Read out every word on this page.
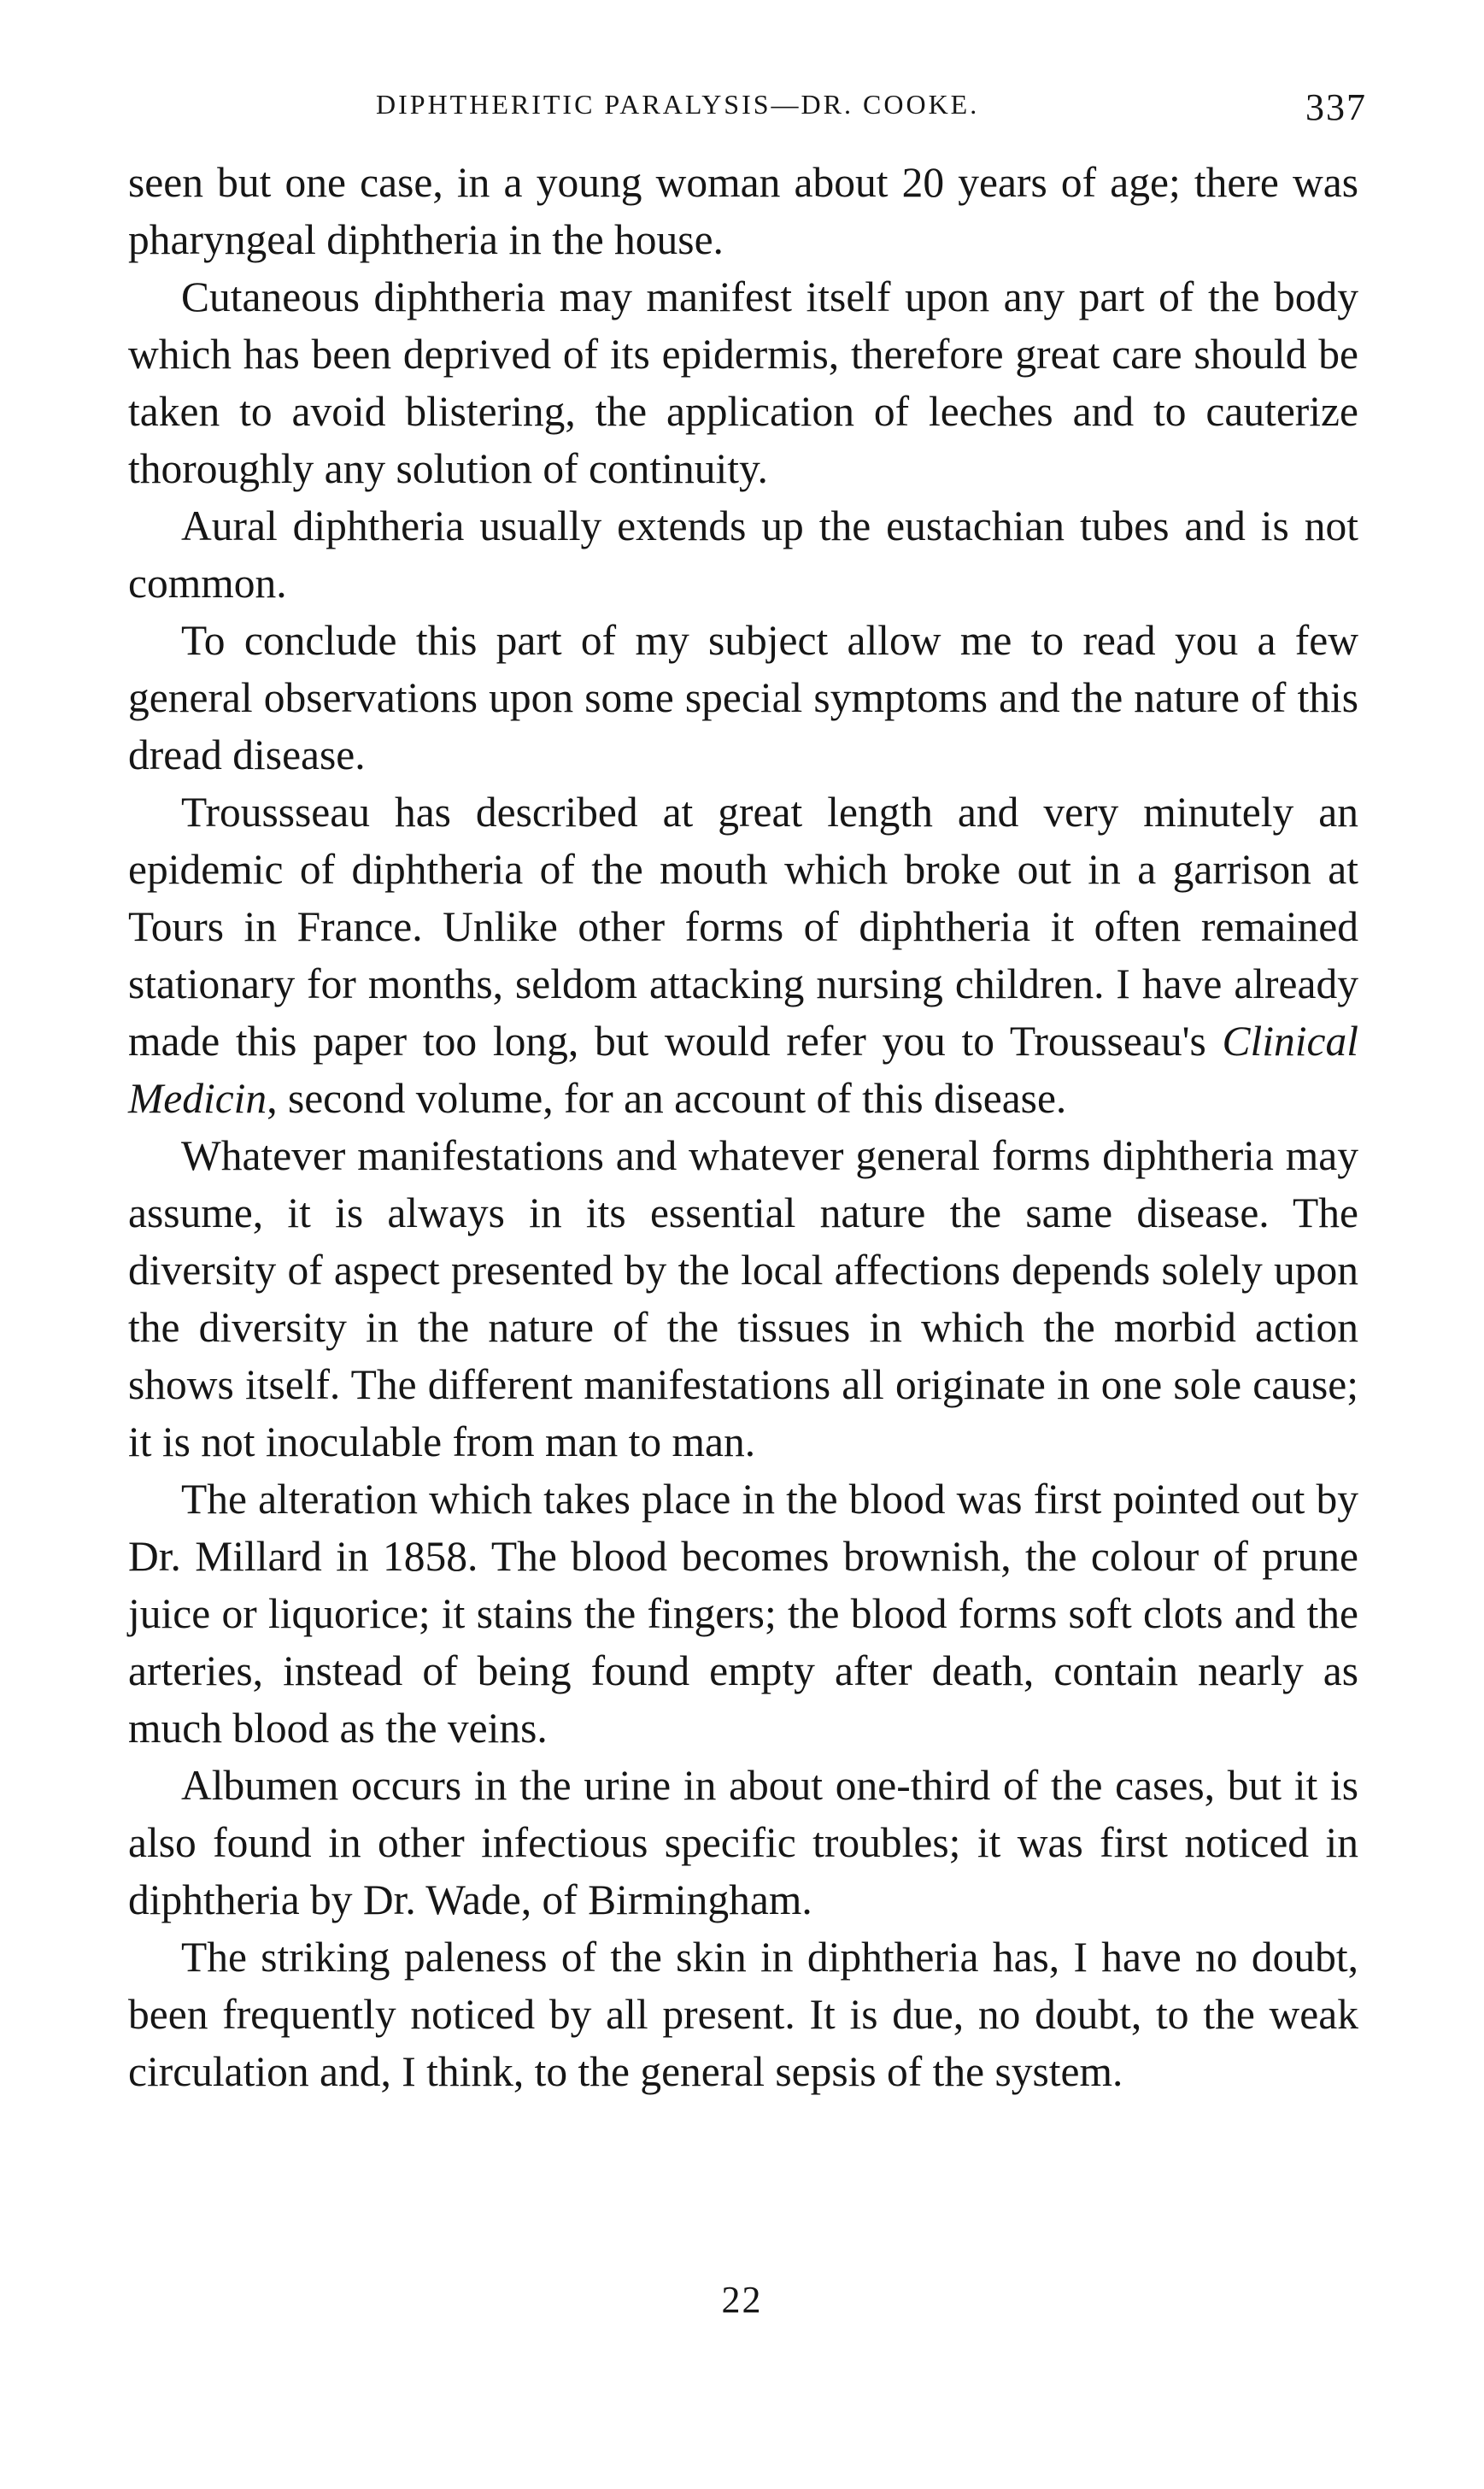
DIPHTHERITIC PARALYSIS—DR. COOKE.	337

seen but one case, in a young woman about 20 years of age; there was pharyngeal diphtheria in the house.

Cutaneous diphtheria may manifest itself upon any part of the body which has been deprived of its epidermis, therefore great care should be taken to avoid blistering, the application of leeches and to cauterize thoroughly any solution of continuity.

Aural diphtheria usually extends up the eustachian tubes and is not common.

To conclude this part of my subject allow me to read you a few general observations upon some special symptoms and the nature of this dread disease.

Troussseau has described at great length and very minutely an epidemic of diphtheria of the mouth which broke out in a garrison at Tours in France. Unlike other forms of diphtheria it often remained stationary for months, seldom attacking nursing children. I have already made this paper too long, but would refer you to Trousseau's Clinical Medicin, second volume, for an account of this disease.

Whatever manifestations and whatever general forms diphtheria may assume, it is always in its essential nature the same disease. The diversity of aspect presented by the local affections depends solely upon the diversity in the nature of the tissues in which the morbid action shows itself. The different manifestations all originate in one sole cause; it is not inoculable from man to man.

The alteration which takes place in the blood was first pointed out by Dr. Millard in 1858. The blood becomes brownish, the colour of prune juice or liquorice; it stains the fingers; the blood forms soft clots and the arteries, instead of being found empty after death, contain nearly as much blood as the veins.

Albumen occurs in the urine in about one-third of the cases, but it is also found in other infectious specific troubles; it was first noticed in diphtheria by Dr. Wade, of Birmingham.

The striking paleness of the skin in diphtheria has, I have no doubt, been frequently noticed by all present. It is due, no doubt, to the weak circulation and, I think, to the general sepsis of the system.

22
